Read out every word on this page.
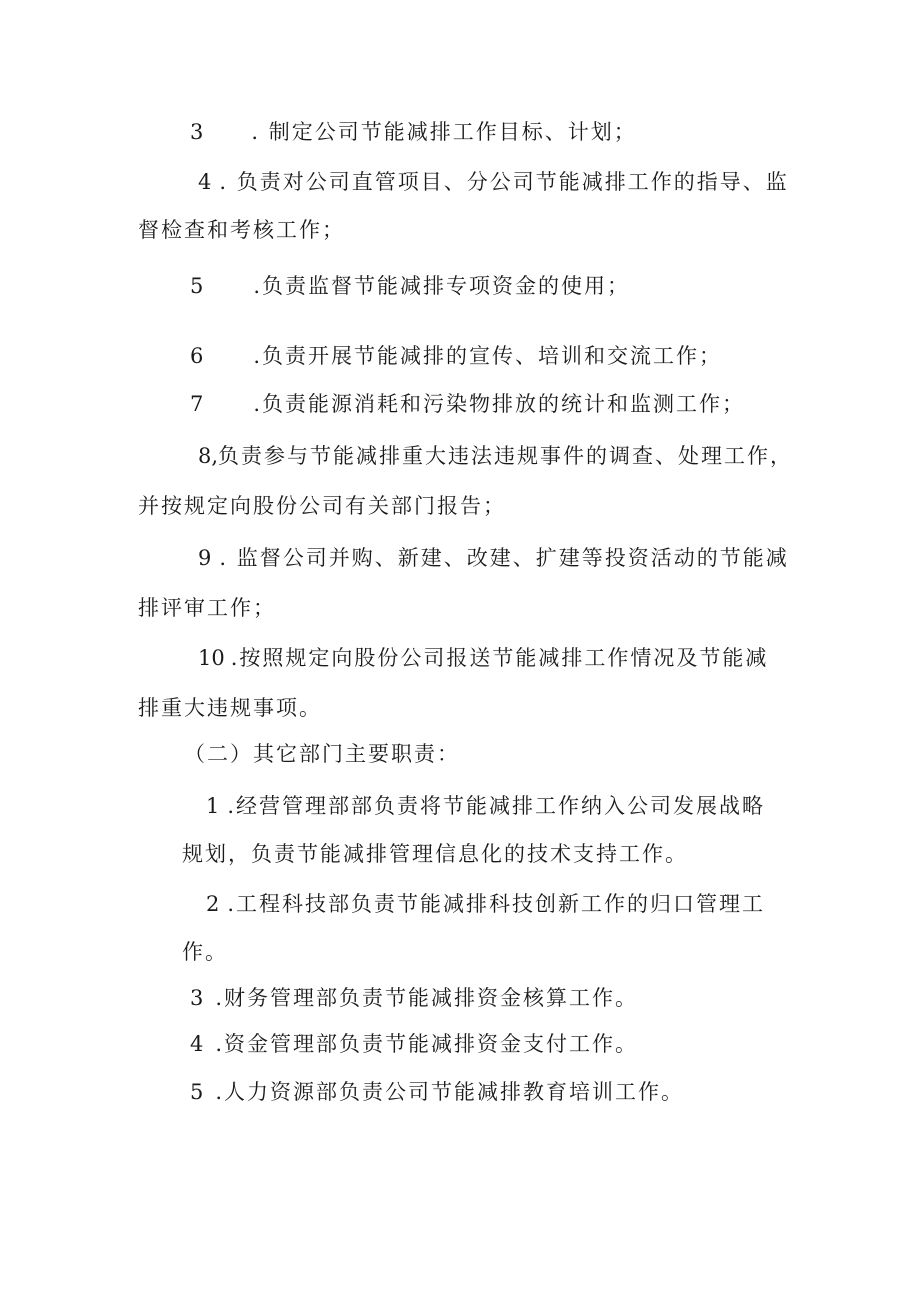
3 . 制定公司节能减排工作目标、计划；
4 . 负责对公司直管项目、分公司节能减排工作的指导、监
督检查和考核工作；
5 .负责监督节能减排专项资金的使用；
6 .负责开展节能减排的宣传、培训和交流工作；
7 .负责能源消耗和污染物排放的统计和监测工作；
8,负责参与节能减排重大违法违规事件的调查、处理工作，
并按规定向股份公司有关部门报告；
9 . 监督公司并购、新建、改建、扩建等投资活动的节能减
排评审工作；
10 .按照规定向股份公司报送节能减排工作情况及节能减
排重大违规事项。
（二）其它部门主要职责：
1 .经营管理部部负责将节能减排工作纳入公司发展战略
规划，负责节能减排管理信息化的技术支持工作。
2 .工程科技部负责节能减排科技创新工作的归口管理工
作。
3 .财务管理部负责节能减排资金核算工作。
4 .资金管理部负责节能减排资金支付工作。
5 .人力资源部负责公司节能减排教育培训工作。
